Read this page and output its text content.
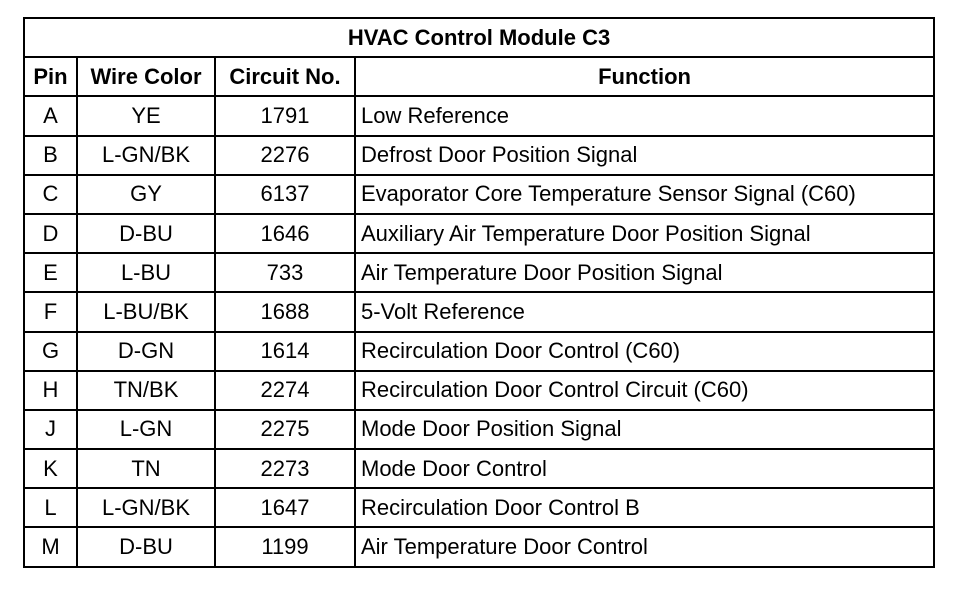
HVAC Control Module C3			
Pin	Wire Color	Circuit No.	Function
A	YE	1791	Low Reference
B	L-GN/BK	2276	Defrost Door Position Signal
C	GY	6137	Evaporator Core Temperature Sensor Signal (C60)
D	D-BU	1646	Auxiliary Air Temperature Door Position Signal
E	L-BU	733	Air Temperature Door Position Signal
F	L-BU/BK	1688	5-Volt Reference
G	D-GN	1614	Recirculation Door Control (C60)
H	TN/BK	2274	Recirculation Door Control Circuit (C60)
J	L-GN	2275	Mode Door Position Signal
K	TN	2273	Mode Door Control
L	L-GN/BK	1647	Recirculation Door Control B
M	D-BU	1199	Air Temperature Door Control
